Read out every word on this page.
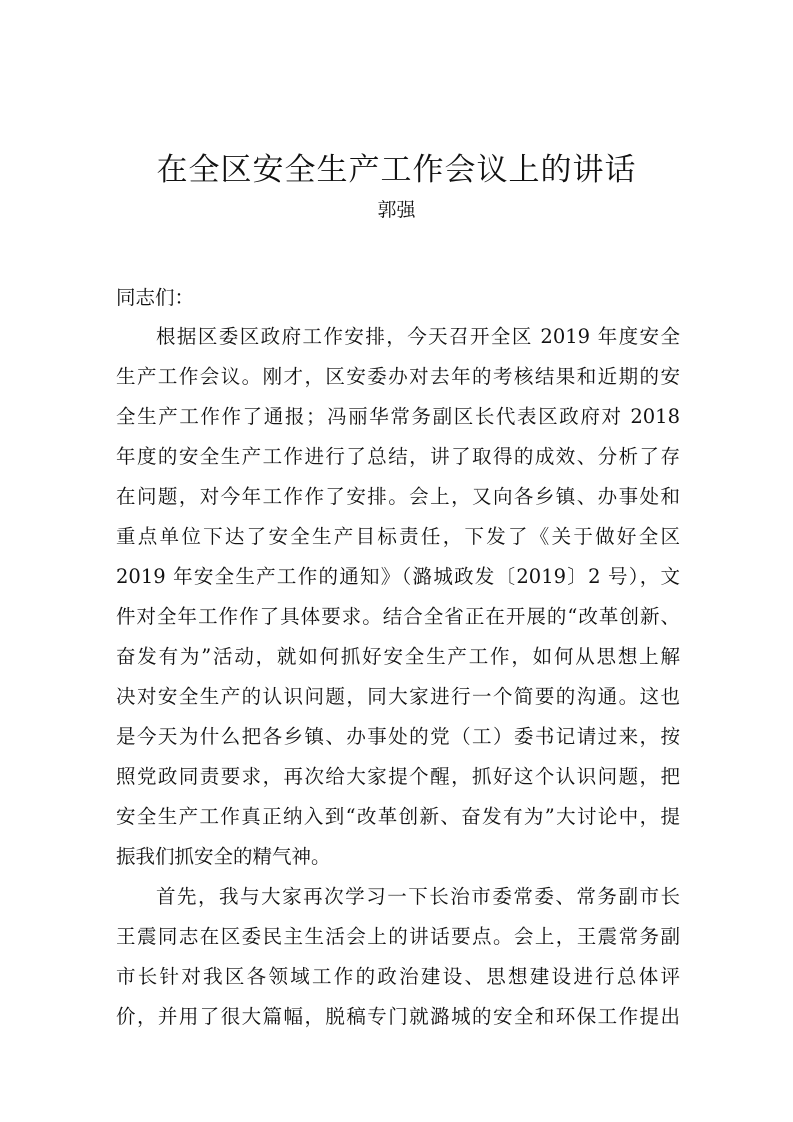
在全区安全生产工作会议上的讲话
郭强
同志们：
根据区委区政府工作安排，今天召开全区 2019 年度安全
生产工作会议。刚才，区安委办对去年的考核结果和近期的安
全生产工作作了通报；冯丽华常务副区长代表区政府对 2018
年度的安全生产工作进行了总结，讲了取得的成效、分析了存
在问题，对今年工作作了安排。会上，又向各乡镇、办事处和
重点单位下达了安全生产目标责任，下发了《关于做好全区
2019 年安全生产工作的通知》（潞城政发〔2019〕2 号），文
件对全年工作作了具体要求。结合全省正在开展的“改革创新、
奋发有为”活动，就如何抓好安全生产工作，如何从思想上解
决对安全生产的认识问题，同大家进行一个简要的沟通。这也
是今天为什么把各乡镇、办事处的党（工）委书记请过来，按
照党政同责要求，再次给大家提个醒，抓好这个认识问题，把
安全生产工作真正纳入到“改革创新、奋发有为”大讨论中，提
振我们抓安全的精气神。
首先，我与大家再次学习一下长治市委常委、常务副市长
王震同志在区委民主生活会上的讲话要点。会上，王震常务副
市长针对我区各领域工作的政治建设、思想建设进行总体评
价，并用了很大篇幅，脱稿专门就潞城的安全和环保工作提出
